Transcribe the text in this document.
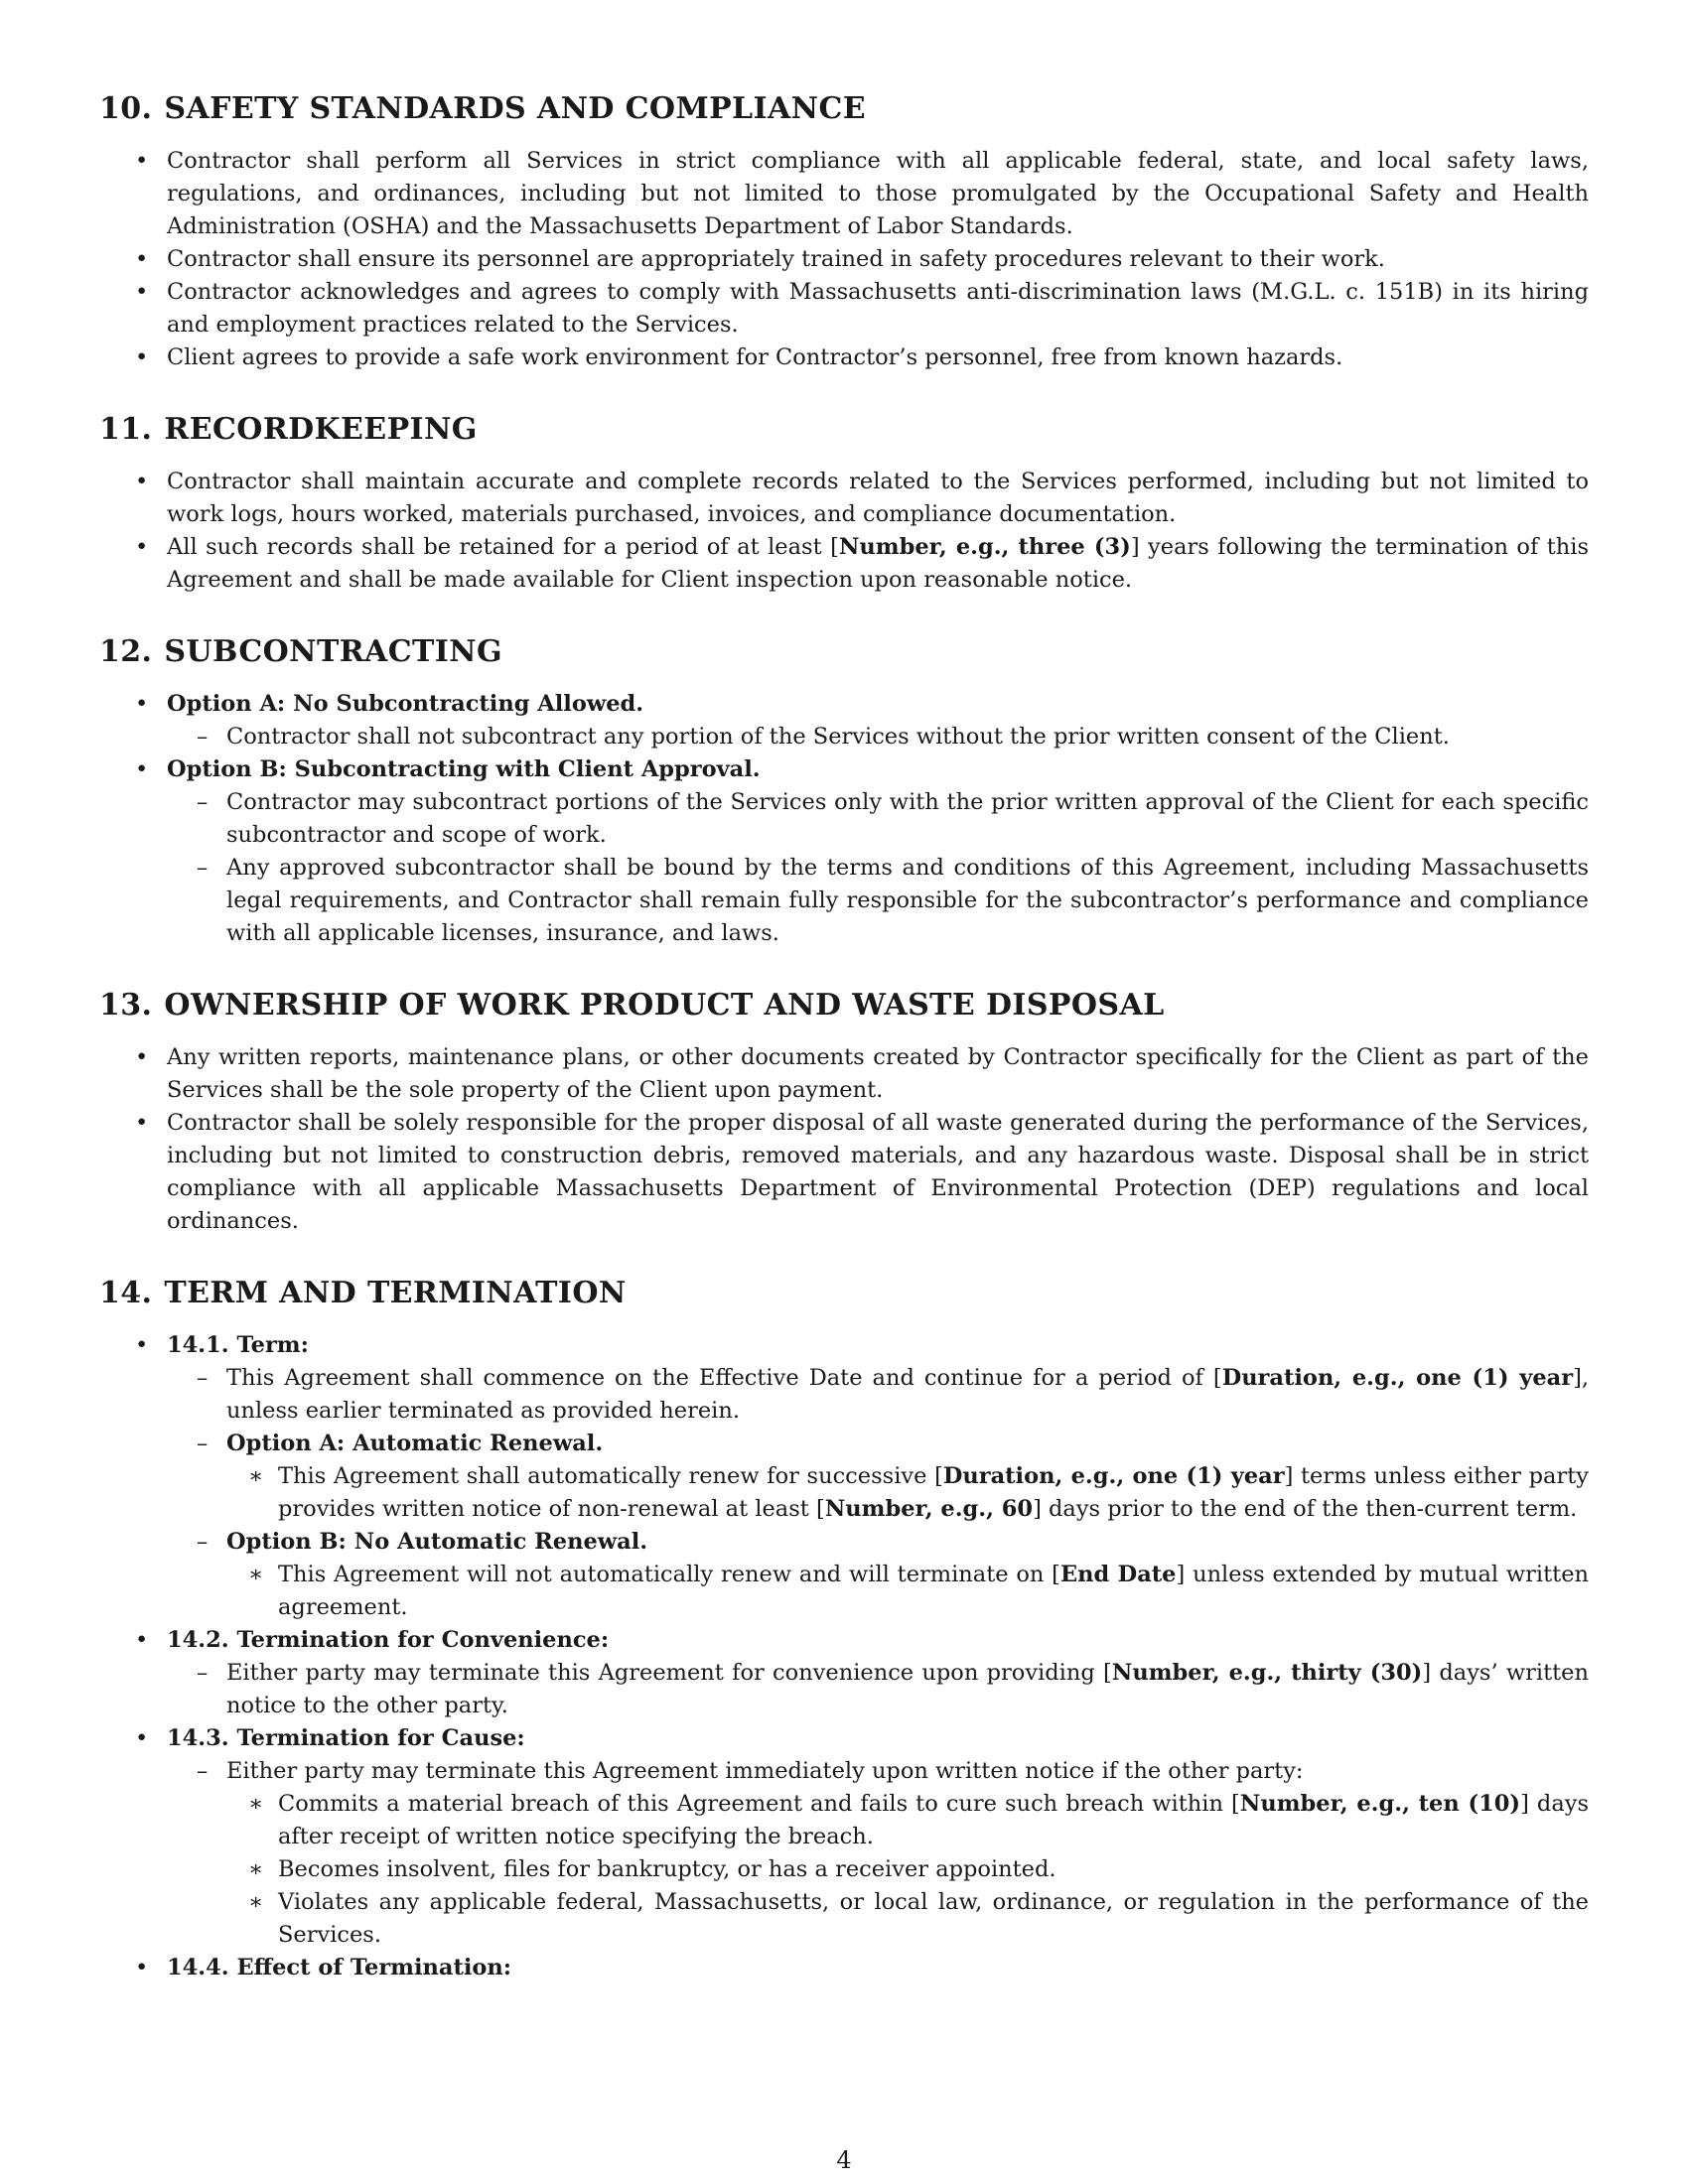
10. SAFETY STANDARDS AND COMPLIANCE
• Contractor shall perform all Services in strict compliance with all applicable federal, state, and local safety laws, regulations, and ordinances, including but not limited to those promulgated by the Occupational Safety and Health Administration (OSHA) and the Massachusetts Department of Labor Standards.
• Contractor shall ensure its personnel are appropriately trained in safety procedures relevant to their work.
• Contractor acknowledges and agrees to comply with Massachusetts anti-discrimination laws (M.G.L. c. 151B) in its hiring and employment practices related to the Services.
• Client agrees to provide a safe work environment for Contractor’s personnel, free from known hazards.
11. RECORDKEEPING
• Contractor shall maintain accurate and complete records related to the Services performed, including but not limited to work logs, hours worked, materials purchased, invoices, and compliance documentation.
• All such records shall be retained for a period of at least [Number, e.g., three (3)] years following the termination of this Agreement and shall be made available for Client inspection upon reasonable notice.
12. SUBCONTRACTING
• Option A: No Subcontracting Allowed.
– Contractor shall not subcontract any portion of the Services without the prior written consent of the Client.
• Option B: Subcontracting with Client Approval.
– Contractor may subcontract portions of the Services only with the prior written approval of the Client for each specific subcontractor and scope of work.
– Any approved subcontractor shall be bound by the terms and conditions of this Agreement, including Massachusetts legal requirements, and Contractor shall remain fully responsible for the subcontractor’s performance and compliance with all applicable licenses, insurance, and laws.
13. OWNERSHIP OF WORK PRODUCT AND WASTE DISPOSAL
• Any written reports, maintenance plans, or other documents created by Contractor specifically for the Client as part of the Services shall be the sole property of the Client upon payment.
• Contractor shall be solely responsible for the proper disposal of all waste generated during the performance of the Services, including but not limited to construction debris, removed materials, and any hazardous waste. Disposal shall be in strict compliance with all applicable Massachusetts Department of Environmental Protection (DEP) regulations and local ordinances.
14. TERM AND TERMINATION
• 14.1. Term:
– This Agreement shall commence on the Effective Date and continue for a period of [Duration, e.g., one (1) year], unless earlier terminated as provided herein.
– Option A: Automatic Renewal.
∗ This Agreement shall automatically renew for successive [Duration, e.g., one (1) year] terms unless either party provides written notice of non-renewal at least [Number, e.g., 60] days prior to the end of the then-current term.
– Option B: No Automatic Renewal.
∗ This Agreement will not automatically renew and will terminate on [End Date] unless extended by mutual written agreement.
• 14.2. Termination for Convenience:
– Either party may terminate this Agreement for convenience upon providing [Number, e.g., thirty (30)] days’ written notice to the other party.
• 14.3. Termination for Cause:
– Either party may terminate this Agreement immediately upon written notice if the other party:
∗ Commits a material breach of this Agreement and fails to cure such breach within [Number, e.g., ten (10)] days after receipt of written notice specifying the breach.
∗ Becomes insolvent, files for bankruptcy, or has a receiver appointed.
∗ Violates any applicable federal, Massachusetts, or local law, ordinance, or regulation in the performance of the Services.
• 14.4. Effect of Termination:
4
